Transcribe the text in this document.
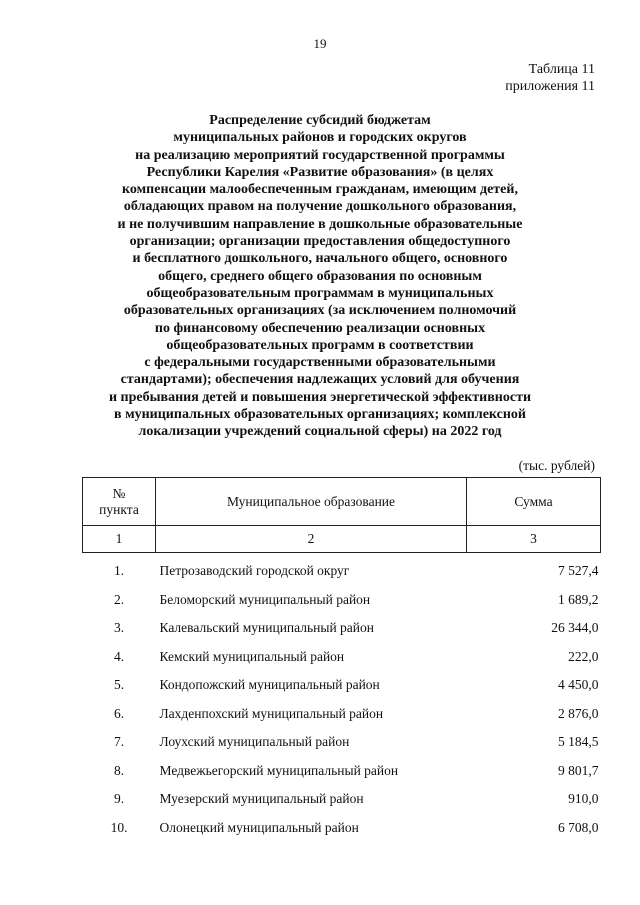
19
Таблица 11
приложения 11
Распределение субсидий бюджетам
муниципальных районов и городских округов
на реализацию мероприятий государственной программы
Республики Карелия «Развитие образования» (в целях
компенсации малообеспеченным гражданам, имеющим детей,
обладающих правом на получение дошкольного образования,
и не получившим направление в дошкольные образовательные
организации; организации предоставления общедоступного
и бесплатного дошкольного, начального общего, основного
общего, среднего общего образования по основным
общеобразовательным программам в муниципальных
образовательных организациях (за исключением полномочий
по финансовому обеспечению реализации основных
общеобразовательных программ в соответствии
с федеральными государственными образовательными
стандартами); обеспечения надлежащих условий для обучения
и пребывания детей и повышения энергетической эффективности
в муниципальных образовательных организациях; комплексной
локализации учреждений социальной сферы) на 2022 год
(тыс. рублей)
№
пункта	Муниципальное образование	Сумма
1	2	3
1.	Петрозаводский городской округ	7 527,4
2.	Беломорский муниципальный район	1 689,2
3.	Калевальский муниципальный район	26 344,0
4.	Кемский муниципальный район	222,0
5.	Кондопожский муниципальный район	4 450,0
6.	Лахденпохский муниципальный район	2 876,0
7.	Лоухский муниципальный район	5 184,5
8.	Медвежьегорский муниципальный район	9 801,7
9.	Муезерский муниципальный район	910,0
10.	Олонецкий муниципальный район	6 708,0
